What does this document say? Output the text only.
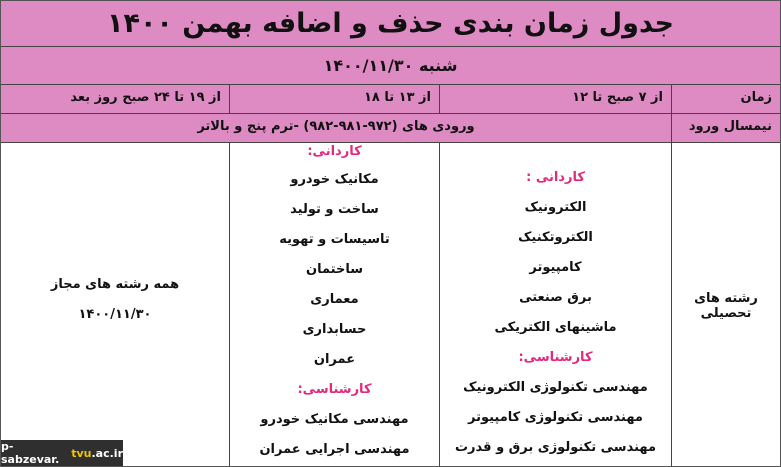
جدول زمان بندی حذف و اضافه بهمن ۱۴۰۰
شنبه ۱۴۰۰/۱۱/۳۰
زمان
از ۷ صبح تا ۱۲
از ۱۳ تا ۱۸
از ۱۹ تا ۲۴ صبح روز بعد
نیمسال ورود
ورودی های (۹۷۲-۹۸۱-۹۸۲) -ترم پنج و بالاتر
رشته های تحصیلی
کاردانی :
الکترونیک
الکتروتکنیک
کامپیوتر
برق صنعتی
ماشینهای الکتریکی
کارشناسی:
مهندسی تکنولوژی الکترونیک
مهندسی تکنولوژی کامپیوتر
مهندسی تکنولوژی برق و قدرت
کاردانی:
مکانیک خودرو
ساخت و تولید
تاسیسات و تهویه
ساختمان
معماری
حسابداری
عمران
کارشناسی:
مهندسی مکانیک خودرو
مهندسی اجرایی عمران
همه رشته های مجاز
۱۴۰۰/۱۱/۳۰
p-sabzevar.	tvu .ac.ir
